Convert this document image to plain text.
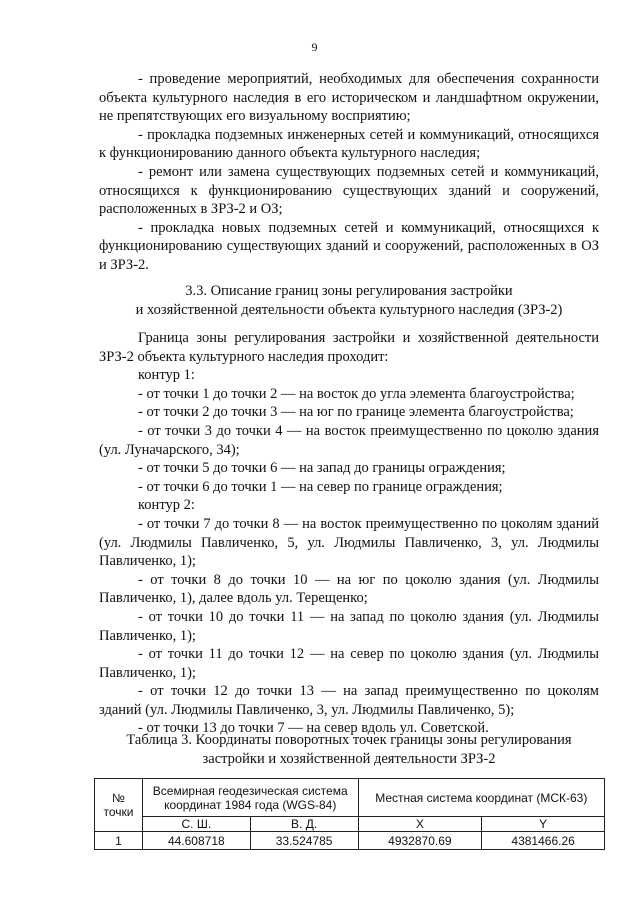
9

- проведение мероприятий, необходимых для обеспечения сохранности объекта культурного наследия в его историческом и ландшафтном окружении, не препятствующих его визуальному восприятию;

- прокладка подземных инженерных сетей и коммуникаций, относящихся к функционированию данного объекта культурного наследия;

- ремонт или замена существующих подземных сетей и коммуникаций, относящихся к функционированию существующих зданий и сооружений, расположенных в ЗРЗ-2 и ОЗ;

- прокладка новых подземных сетей и коммуникаций, относящихся к функционированию существующих зданий и сооружений, расположенных в ОЗ и ЗРЗ-2.

3.3. Описание границ зоны регулирования застройки

и хозяйственной деятельности объекта культурного наследия (ЗРЗ-2)

Граница зоны регулирования застройки и хозяйственной деятельности ЗРЗ-2 объекта культурного наследия проходит:

контур 1:

- от точки 1 до точки 2 — на восток до угла элемента благоустройства;

- от точки 2 до точки 3 — на юг по границе элемента благоустройства;

- от точки 3 до точки 4 — на восток преимущественно по цоколю здания (ул. Луначарского, 34);

- от точки 5 до точки 6 — на запад до границы ограждения;

- от точки 6 до точки 1 — на север по границе ограждения;

контур 2:

- от точки 7 до точки 8 — на восток преимущественно по цоколям зданий (ул. Людмилы Павличенко, 5, ул. Людмилы Павличенко, 3, ул. Людмилы Павличенко, 1);

- от точки 8 до точки 10 — на юг по цоколю здания (ул. Людмилы Павличенко, 1), далее вдоль ул. Терещенко;

- от точки 10 до точки 11 — на запад по цоколю здания (ул. Людмилы Павличенко, 1);

- от точки 11 до точки 12 — на север по цоколю здания (ул. Людмилы Павличенко, 1);

- от точки 12 до точки 13 — на запад преимущественно по цоколям зданий (ул. Людмилы Павличенко, 3, ул. Людмилы Павличенко, 5);

- от точки 13 до точки 7 — на север вдоль ул. Советской.

Таблица 3. Координаты поворотных точек границы зоны регулирования

застройки и хозяйственной деятельности ЗРЗ-2

№ точки	Всемирная геодезическая система координат 1984 года (WGS-84)		Местная система координат (МСК-63)	
	С. Ш.	В. Д.	X	Y
1	44.608718	33.524785	4932870.69	4381466.26
